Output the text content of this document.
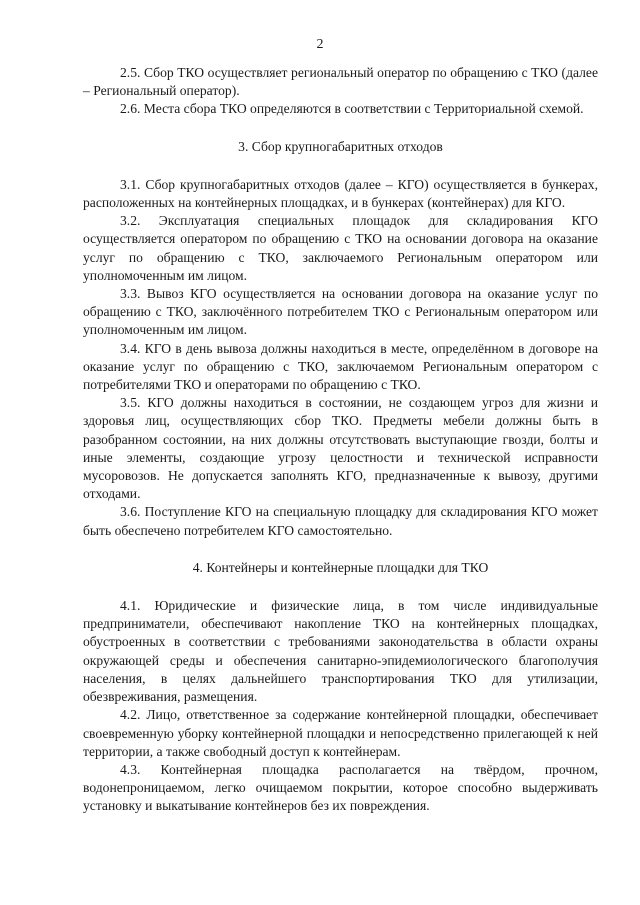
2

2.5. Сбор ТКО осуществляет региональный оператор по обращению с ТКО (далее – Региональный оператор).

2.6. Места сбора ТКО определяются в соответствии с Территориальной схемой.

3. Сбор крупногабаритных отходов

3.1. Сбор крупногабаритных отходов (далее – КГО) осуществляется в бункерах, расположенных на контейнерных площадках, и в бункерах (контейнерах) для КГО.

3.2. Эксплуатация специальных площадок для складирования КГО осуществляется оператором по обращению с ТКО на основании договора на оказание услуг по обращению с ТКО, заключаемого Региональным оператором или уполномоченным им лицом.

3.3. Вывоз КГО осуществляется на основании договора на оказание услуг по обращению с ТКО, заключённого потребителем ТКО с Региональным оператором или уполномоченным им лицом.

3.4. КГО в день вывоза должны находиться в месте, определённом в договоре на оказание услуг по обращению с ТКО, заключаемом Региональным оператором с потребителями ТКО и операторами по обращению с ТКО.

3.5. КГО должны находиться в состоянии, не создающем угроз для жизни и здоровья лиц, осуществляющих сбор ТКО. Предметы мебели должны быть в разобранном состоянии, на них должны отсутствовать выступающие гвозди, болты и иные элементы, создающие угрозу целостности и технической исправности мусоровозов. Не допускается заполнять КГО, предназначенные к вывозу, другими отходами.

3.6. Поступление КГО на специальную площадку для складирования КГО может быть обеспечено потребителем КГО самостоятельно.

4. Контейнеры и контейнерные площадки для ТКО

4.1. Юридические и физические лица, в том числе индивидуальные предприниматели, обеспечивают накопление ТКО на контейнерных площадках, обустроенных в соответствии с требованиями законодательства в области охраны окружающей среды и обеспечения санитарно-эпидемиологического благополучия населения, в целях дальнейшего транспортирования ТКО для утилизации, обезвреживания, размещения.

4.2. Лицо, ответственное за содержание контейнерной площадки, обеспечивает своевременную уборку контейнерной площадки и непосредственно прилегающей к ней территории, а также свободный доступ к контейнерам.

4.3. Контейнерная площадка располагается на твёрдом, прочном, водонепроницаемом, легко очищаемом покрытии, которое способно выдерживать установку и выкатывание контейнеров без их повреждения.
